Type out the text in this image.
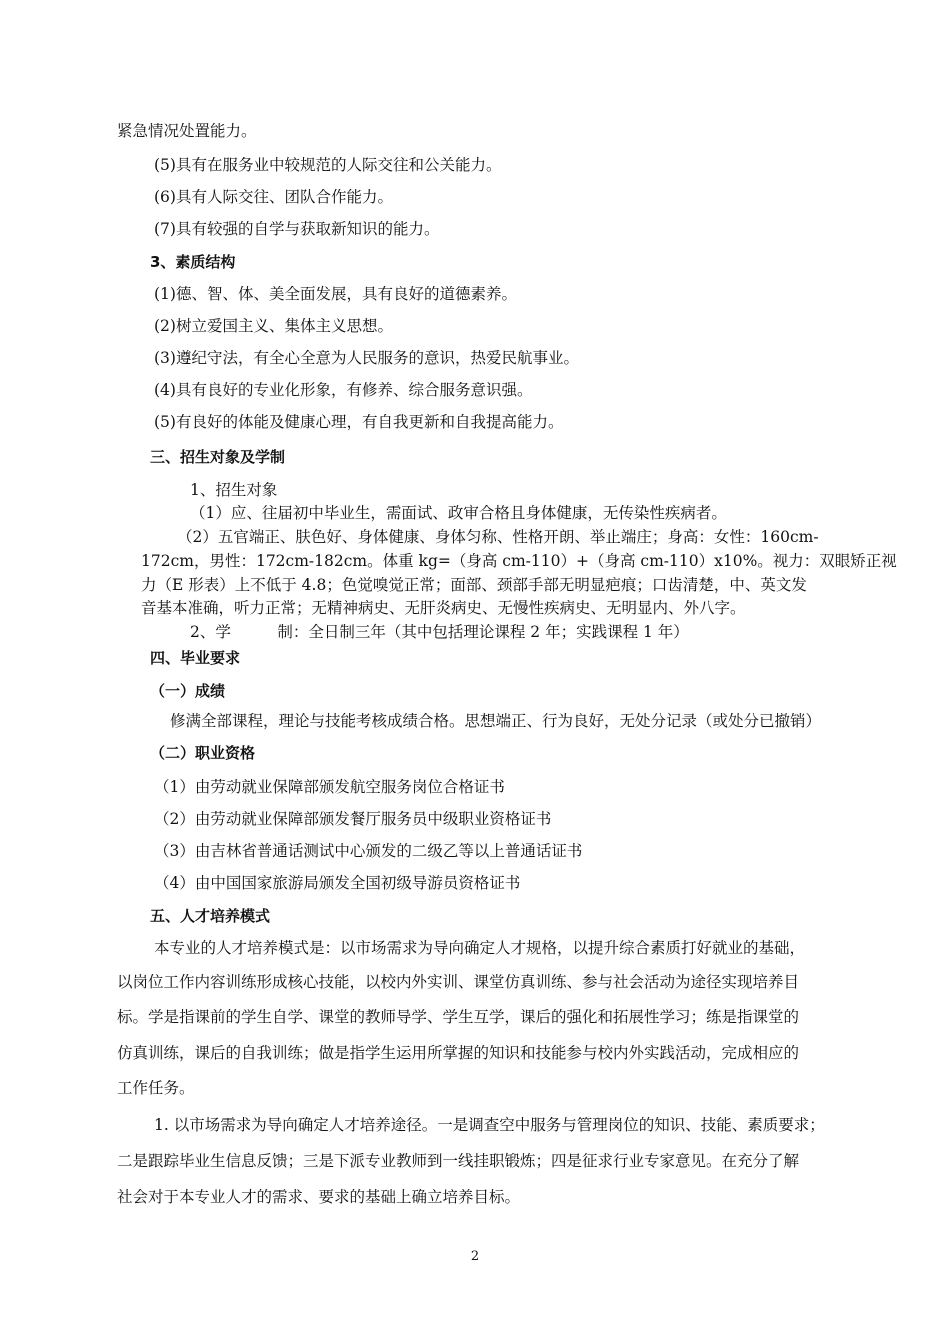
紧急情况处置能力。
(5)具有在服务业中较规范的人际交往和公关能力。
(6)具有人际交往、团队合作能力。
(7)具有较强的自学与获取新知识的能力。
3、素质结构
(1)德、智、体、美全面发展，具有良好的道德素养。
(2)树立爱国主义、集体主义思想。
(3)遵纪守法，有全心全意为人民服务的意识，热爱民航事业。
(4)具有良好的专业化形象，有修养、综合服务意识强。
(5)有良好的体能及健康心理，有自我更新和自我提高能力。
三、招生对象及学制
1、招生对象
（1）应、往届初中毕业生，需面试、政审合格且身体健康，无传染性疾病者。
（2）五官端正、肤色好、身体健康、身体匀称、性格开朗、举止端庄；身高：女性：160cm-
172cm，男性：172cm-182cm。体重 kg=（身高 cm-110）+（身高 cm-110）x10%。视力：双眼矫正视
力（E 形表）上不低于 4.8；色觉嗅觉正常；面部、颈部手部无明显疤痕；口齿清楚，中、英文发
音基本准确，听力正常；无精神病史、无肝炎病史、无慢性疾病史、无明显内、外八字。
2、学　　　制：全日制三年（其中包括理论课程 2 年；实践课程 1 年）
四、毕业要求
（一）成绩
修满全部课程，理论与技能考核成绩合格。思想端正、行为良好，无处分记录（或处分已撤销）
（二）职业资格
（1）由劳动就业保障部颁发航空服务岗位合格证书
（2）由劳动就业保障部颁发餐厅服务员中级职业资格证书
（3）由吉林省普通话测试中心颁发的二级乙等以上普通话证书
（4）由中国国家旅游局颁发全国初级导游员资格证书
五、人才培养模式
本专业的人才培养模式是：以市场需求为导向确定人才规格，以提升综合素质打好就业的基础，
以岗位工作内容训练形成核心技能，以校内外实训、课堂仿真训练、参与社会活动为途径实现培养目
标。学是指课前的学生自学、课堂的教师导学、学生互学，课后的强化和拓展性学习；练是指课堂的
仿真训练，课后的自我训练；做是指学生运用所掌握的知识和技能参与校内外实践活动，完成相应的
工作任务。
1. 以市场需求为导向确定人才培养途径。一是调查空中服务与管理岗位的知识、技能、素质要求；
二是跟踪毕业生信息反馈；三是下派专业教师到一线挂职锻炼；四是征求行业专家意见。在充分了解
社会对于本专业人才的需求、要求的基础上确立培养目标。
2
